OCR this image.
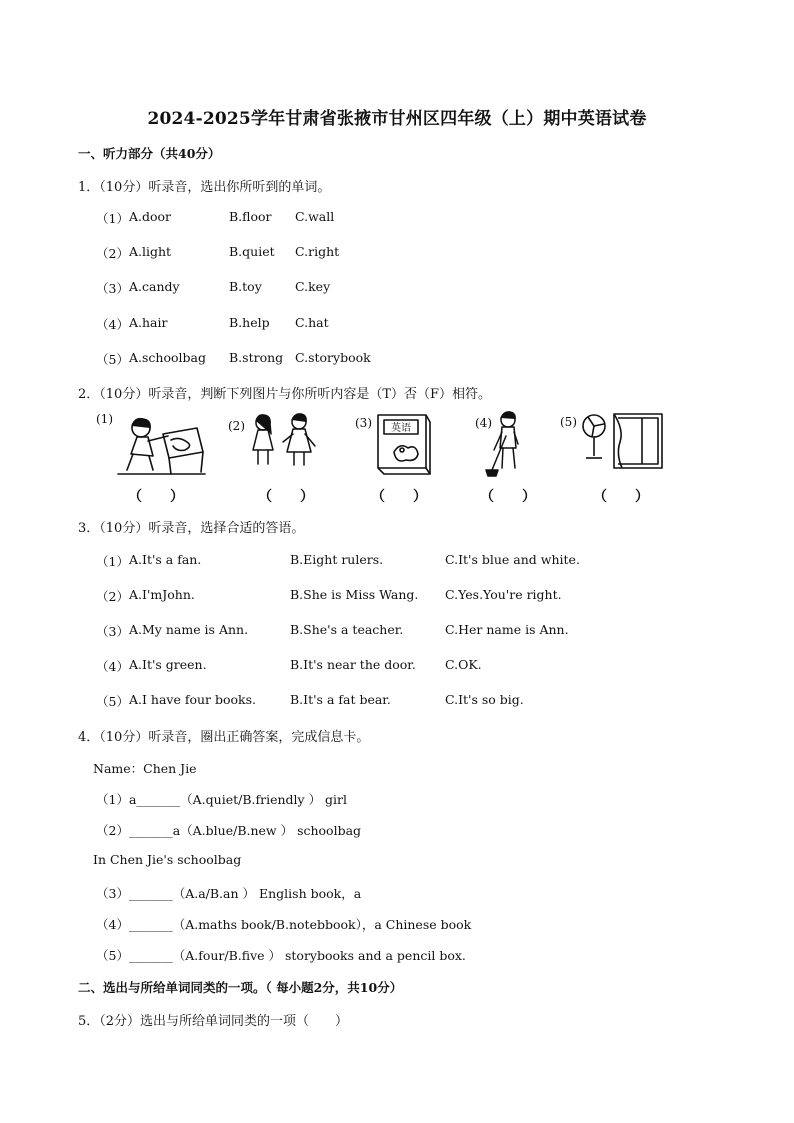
2024-2025学年甘肃省张掖市甘州区四年级（上）期中英语试卷
一、听力部分（共40分）
1．（10分）听录音，选出你所听到的单词。
（1） A.door	B.floor C.wall
（2） A.light	B.quiet C.right
（3） A.candy	B.toy	C.key
（4） A.hair	B.help C.hat
（5） A.schoolbag B.strong C.storybook
2．（10分）听录音，判断下列图片与你所听内容是（T）否（F）相符。
(1)
（　　）
(2)
（　　）
(3) 英语
（　　）
(4)
（　　）
(5)
（　　）
3．（10分）听录音，选择合适的答语。
（1） A.It's a fan.	B.Eight rulers.	C.It's blue and white.
（2） A.I'mJohn.	B.She is Miss Wang. C.Yes.You're right.
（3） A.My name is Ann.	B.She's a teacher.	C.Her name is Ann.
（4） A.It's green.	B.It's near the door. C.OK.
（5） A.I have four books.	B.It's a fat bear.	C.It's so big.
4．（10分）听录音，圈出正确答案，完成信息卡。
Name：Chen Jie
（1）a_______（A.quiet/B.friendly ） girl
（2）_______a（A.blue/B.new ） schoolbag
In Chen Jie's schoolbag
（3）_______（A.a/B.an ） English book，a
（4）_______（A.maths book/B.notebbook），a Chinese book
（5）_______（A.four/B.five ） storybooks and a pencil box.
二、选出与所给单词同类的一项。（ 每小题2分，共10分）
5．（2分）选出与所给单词同类的一项（　　）
